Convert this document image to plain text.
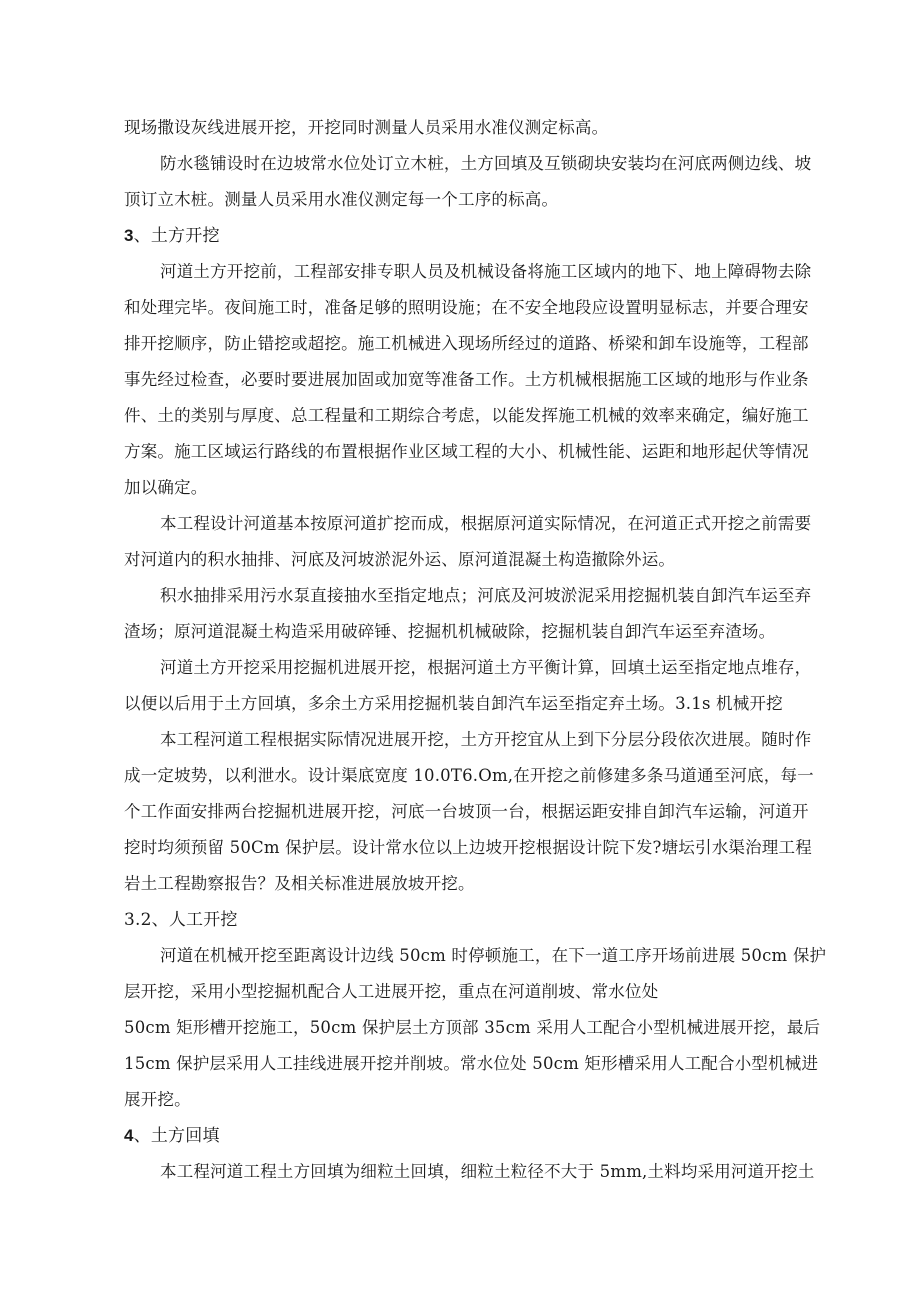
现场撒设灰线进展开挖，开挖同时测量人员采用水准仪测定标高。
防水毯铺设时在边坡常水位处订立木桩，土方回填及互锁砌块安装均在河底两侧边线、坡
顶订立木桩。测量人员采用水准仪测定每一个工序的标高。
3、土方开挖
河道土方开挖前，工程部安排专职人员及机械设备将施工区域内的地下、地上障碍物去除
和处理完毕。夜间施工时，准备足够的照明设施；在不安全地段应设置明显标志，并要合理安
排开挖顺序，防止错挖或超挖。施工机械进入现场所经过的道路、桥梁和卸车设施等，工程部
事先经过检查，必要时要进展加固或加宽等准备工作。土方机械根据施工区域的地形与作业条
件、土的类别与厚度、总工程量和工期综合考虑，以能发挥施工机械的效率来确定，编好施工
方案。施工区域运行路线的布置根据作业区域工程的大小、机械性能、运距和地形起伏等情况
加以确定。
本工程设计河道基本按原河道扩挖而成，根据原河道实际情况，在河道正式开挖之前需要
对河道内的积水抽排、河底及河坡淤泥外运、原河道混凝土构造撤除外运。
积水抽排采用污水泵直接抽水至指定地点；河底及河坡淤泥采用挖掘机装自卸汽车运至弃
渣场；原河道混凝土构造采用破碎锤、挖掘机机械破除，挖掘机装自卸汽车运至弃渣场。
河道土方开挖采用挖掘机进展开挖，根据河道土方平衡计算，回填土运至指定地点堆存，
以便以后用于土方回填，多余土方采用挖掘机装自卸汽车运至指定弃土场。3.1s 机械开挖
本工程河道工程根据实际情况进展开挖，土方开挖宜从上到下分层分段依次进展。随时作
成一定坡势，以利泄水。设计渠底宽度 10.0T6.Om,在开挖之前修建多条马道通至河底，每一
个工作面安排两台挖掘机进展开挖，河底一台坡顶一台，根据运距安排自卸汽车运输，河道开
挖时均须预留 50Cm 保护层。设计常水位以上边坡开挖根据设计院下发?塘坛引水渠治理工程
岩土工程勘察报告？及相关标准进展放坡开挖。
3.2、人工开挖
河道在机械开挖至距离设计边线 50cm 时停顿施工，在下一道工序开场前进展 50cm 保护
层开挖，采用小型挖掘机配合人工进展开挖，重点在河道削坡、常水位处
50cm 矩形槽开挖施工，50cm 保护层土方顶部 35cm 采用人工配合小型机械进展开挖，最后
15cm 保护层采用人工挂线进展开挖并削坡。常水位处 50cm 矩形槽采用人工配合小型机械进
展开挖。
4、土方回填
本工程河道工程土方回填为细粒土回填，细粒土粒径不大于 5mm,土料均采用河道开挖土
